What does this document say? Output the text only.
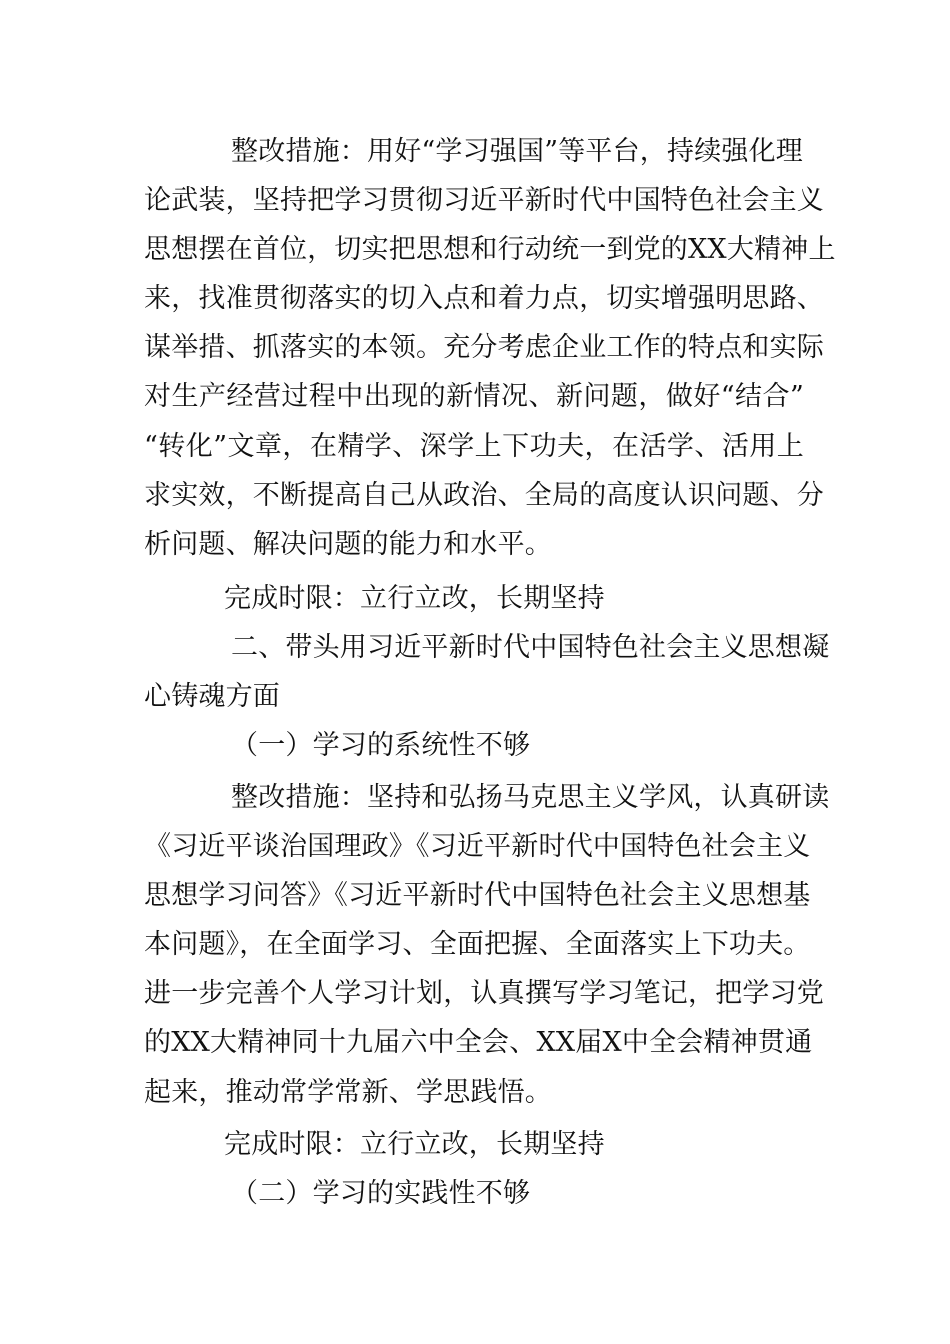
整改措施：用好“学习强国”等平台，持续强化理
论武装，坚持把学习贯彻习近平新时代中国特色社会主义
思想摆在首位，切实把思想和行动统一到党的XX大精神上
来，找准贯彻落实的切入点和着力点，切实增强明思路、
谋举措、抓落实的本领。充分考虑企业工作的特点和实际
对生产经营过程中出现的新情况、新问题，做好“结合”
“转化”文章，在精学、深学上下功夫，在活学、活用上
求实效，不断提高自己从政治、全局的高度认识问题、分
析问题、解决问题的能力和水平。
完成时限：立行立改，长期坚持
二、带头用习近平新时代中国特色社会主义思想凝
心铸魂方面
（一）学习的系统性不够
整改措施：坚持和弘扬马克思主义学风，认真研读
《习近平谈治国理政》《习近平新时代中国特色社会主义
思想学习问答》《习近平新时代中国特色社会主义思想基
本问题》，在全面学习、全面把握、全面落实上下功夫。
进一步完善个人学习计划，认真撰写学习笔记，把学习党
的XX大精神同十九届六中全会、XX届X中全会精神贯通
起来，推动常学常新、学思践悟。
完成时限：立行立改，长期坚持
（二）学习的实践性不够
